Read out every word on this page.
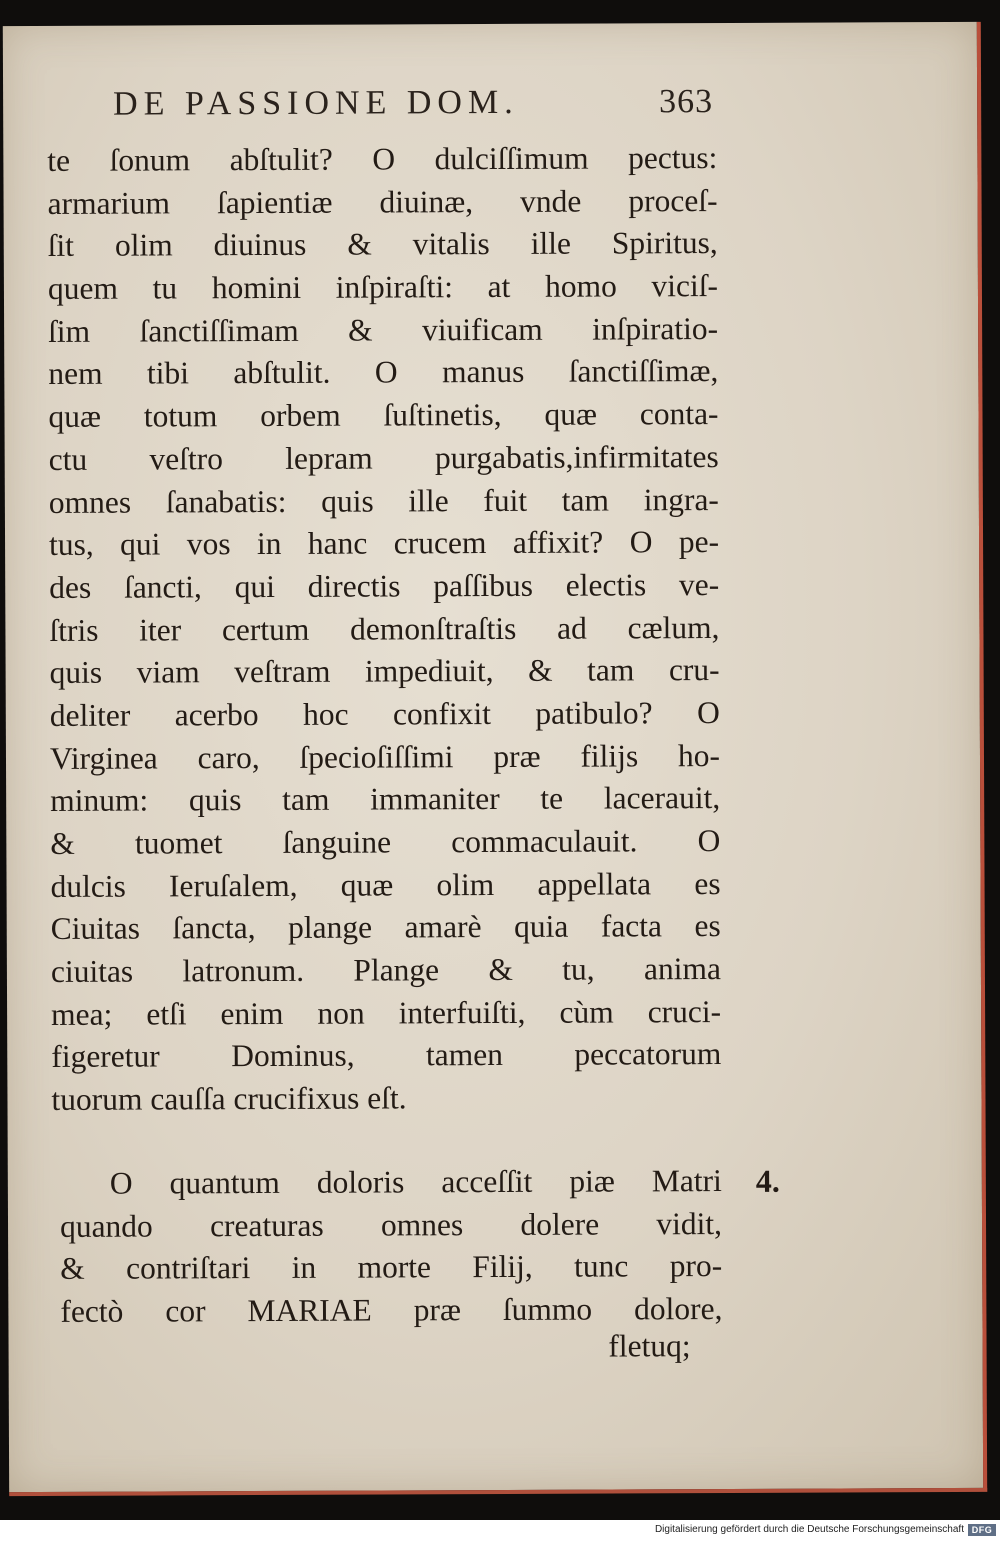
DE PASSIONE DOM.	363
te ſonum abſtulit? O dulciſſimum pectus:
armarium ſapientiæ diuinæ, vnde proceſ-
ſit olim diuinus & vitalis ille Spiritus,
quem tu homini inſpiraſti: at homo viciſ-
ſim ſanctiſſimam & viuificam inſpiratio-
nem tibi abſtulit. O manus ſanctiſſimæ,
quæ totum orbem ſuſtinetis, quæ conta-
ctu veſtro lepram purgabatis,infirmitates
omnes ſanabatis: quis ille fuit tam ingra-
tus, qui vos in hanc crucem affixit? O pe-
des ſancti, qui directis paſſibus electis ve-
ſtris iter certum demonſtraſtis ad cælum,
quis viam veſtram impediuit, & tam cru-
deliter acerbo hoc confixit patibulo? O
Virginea caro, ſpecioſiſſimi præ filijs ho-
minum: quis tam immaniter te lacerauit,
& tuomet ſanguine commaculauit. O
dulcis Ieruſalem, quæ olim appellata es
Ciuitas ſancta, plange amarè quia facta es
ciuitas latronum. Plange & tu, anima
mea; etſi enim non interfuiſti, cùm cruci-
figeretur Dominus, tamen peccatorum
tuorum cauſſa crucifixus eſt.
O quantum doloris acceſſit piæ Matri
quando creaturas omnes dolere vidit,
& contriſtari in morte Filij, tunc pro-
fectò cor MARIAE præ ſummo dolore,
4.
fletuq;
Digitalisierung gefördert durch die Deutsche Forschungsgemeinschaft DFG
